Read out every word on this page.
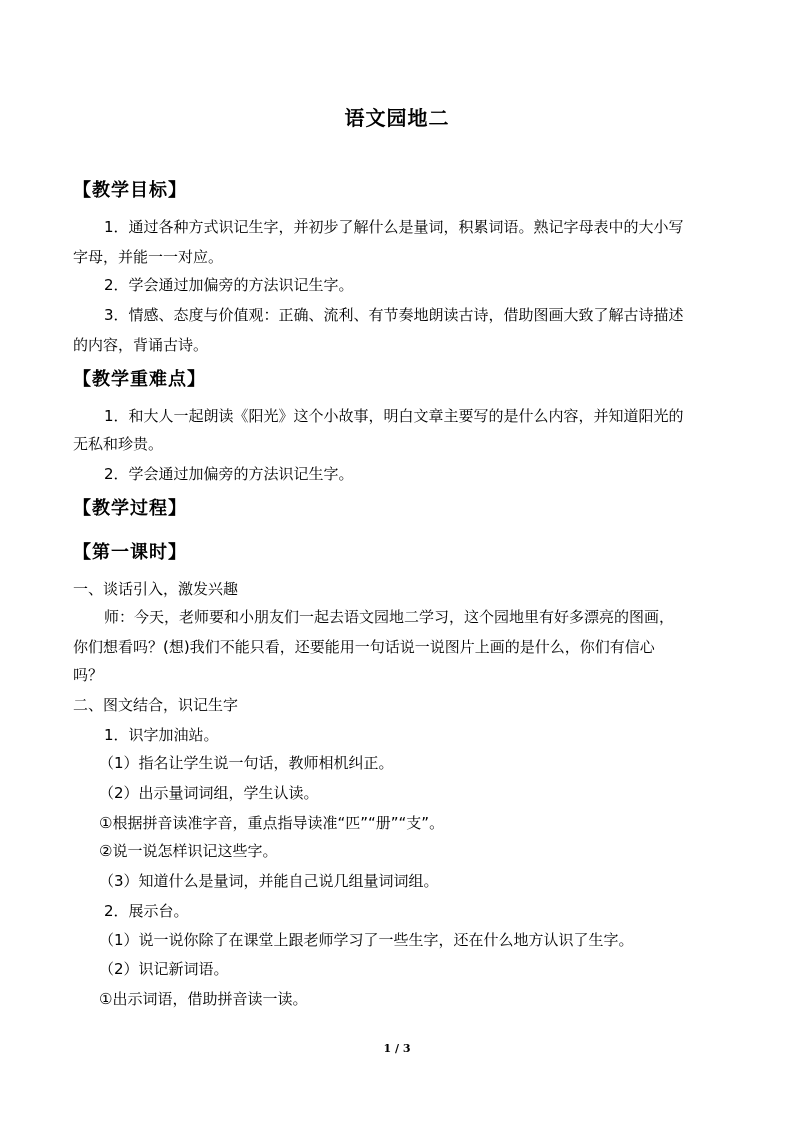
语文园地二
【教学目标】
1．通过各种方式识记生字，并初步了解什么是量词，积累词语。熟记字母表中的大小写
字母，并能一一对应。
2．学会通过加偏旁的方法识记生字。
3．情感、态度与价值观：正确、流利、有节奏地朗读古诗，借助图画大致了解古诗描述
的内容，背诵古诗。
【教学重难点】
1．和大人一起朗读《阳光》这个小故事，明白文章主要写的是什么内容，并知道阳光的
无私和珍贵。
2．学会通过加偏旁的方法识记生字。
【教学过程】
【第一课时】
一、谈话引入，激发兴趣
师：今天，老师要和小朋友们一起去语文园地二学习，这个园地里有好多漂亮的图画，
你们想看吗？(想)我们不能只看，还要能用一句话说一说图片上画的是什么，你们有信心
吗？
二、图文结合，识记生字
1．识字加油站。
（1）指名让学生说一句话，教师相机纠正。
（2）出示量词词组，学生认读。
①根据拼音读准字音，重点指导读准“匹”“册”“支”。
②说一说怎样识记这些字。
（3）知道什么是量词，并能自己说几组量词词组。
2．展示台。
（1）说一说你除了在课堂上跟老师学习了一些生字，还在什么地方认识了生字。
（2）识记新词语。
①出示词语，借助拼音读一读。
1 / 3
